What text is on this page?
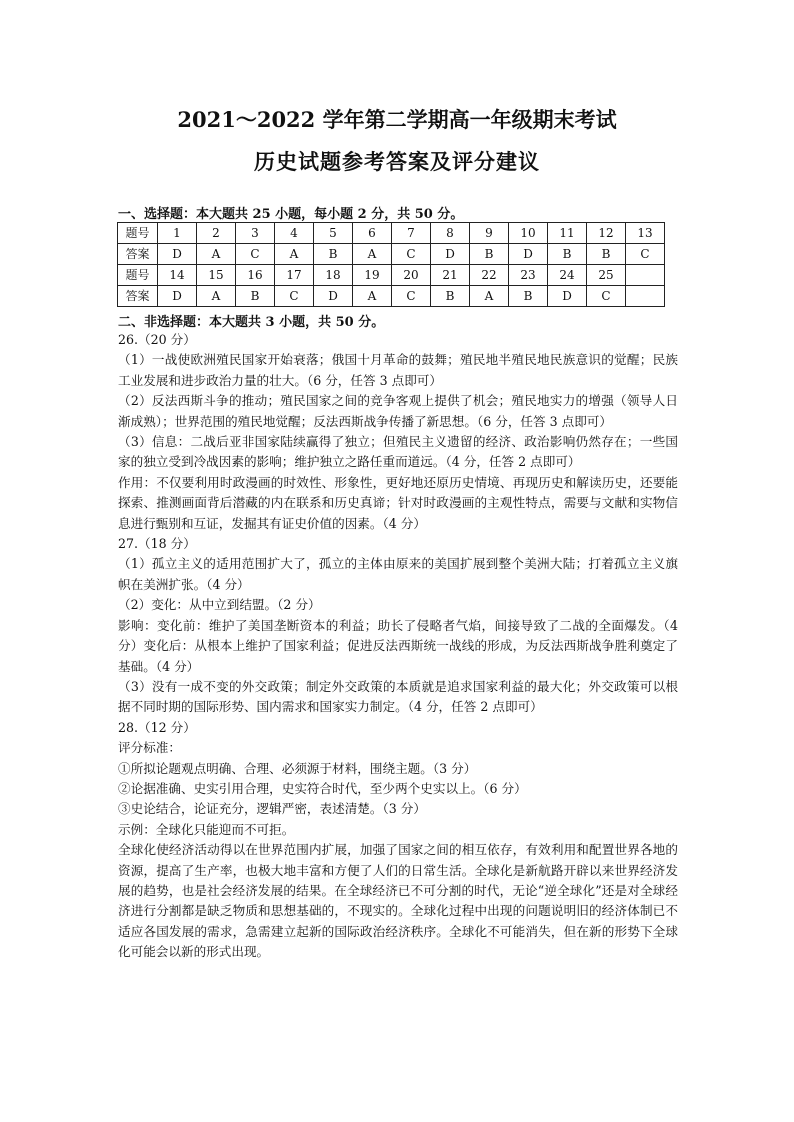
2021～2022 学年第二学期高一年级期末考试
历史试题参考答案及评分建议
一、选择题：本大题共 25 小题，每小题 2 分，共 50 分。
题号	1	2	3	4	5	6	7	8	9	10	11	12	13
答案	D	A	C	A	B	A	C	D	B	D	B	B	C
题号	14	15	16	17	18	19	20	21	22	23	24	25	
答案	D	A	B	C	D	A	C	B	A	B	D	C	
二、非选择题：本大题共 3 小题，共 50 分。

26.（20 分）

（1）一战使欧洲殖民国家开始衰落；俄国十月革命的鼓舞；殖民地半殖民地民族意识的觉醒；民族工业发展和进步政治力量的壮大。（6 分，任答 3 点即可）

（2）反法西斯斗争的推动；殖民国家之间的竞争客观上提供了机会；殖民地实力的增强（领导人日渐成熟）；世界范围的殖民地觉醒；反法西斯战争传播了新思想。（6 分，任答 3 点即可）

（3）信息：二战后亚非国家陆续赢得了独立；但殖民主义遗留的经济、政治影响仍然存在；一些国家的独立受到冷战因素的影响；维护独立之路任重而道远。（4 分，任答 2 点即可）

作用：不仅要利用时政漫画的时效性、形象性，更好地还原历史情境、再现历史和解读历史，还要能探索、推测画面背后潜藏的内在联系和历史真谛；针对时政漫画的主观性特点，需要与文献和实物信息进行甄别和互证，发掘其有证史价值的因素。（4 分）

27.（18 分）

（1）孤立主义的适用范围扩大了，孤立的主体由原来的美国扩展到整个美洲大陆；打着孤立主义旗帜在美洲扩张。（4 分）

（2）变化：从中立到结盟。（2 分）

影响：变化前：维护了美国垄断资本的利益；助长了侵略者气焰，间接导致了二战的全面爆发。（4 分）变化后：从根本上维护了国家利益；促进反法西斯统一战线的形成，为反法西斯战争胜利奠定了基础。（4 分）

（3）没有一成不变的外交政策；制定外交政策的本质就是追求国家利益的最大化；外交政策可以根据不同时期的国际形势、国内需求和国家实力制定。（4 分，任答 2 点即可）

28.（12 分）

评分标准：

①所拟论题观点明确、合理、必须源于材料，围绕主题。（3 分）

②论据准确、史实引用合理，史实符合时代，至少两个史实以上。（6 分）

③史论结合，论证充分，逻辑严密，表述清楚。（3 分）

示例：全球化只能迎而不可拒。

全球化使经济活动得以在世界范围内扩展，加强了国家之间的相互依存，有效利用和配置世界各地的资源，提高了生产率，也极大地丰富和方便了人们的日常生活。全球化是新航路开辟以来世界经济发展的趋势，也是社会经济发展的结果。在全球经济已不可分割的时代，无论“逆全球化”还是对全球经济进行分割都是缺乏物质和思想基础的，不现实的。全球化过程中出现的问题说明旧的经济体制已不适应各国发展的需求，急需建立起新的国际政治经济秩序。全球化不可能消失，但在新的形势下全球化可能会以新的形式出现。
